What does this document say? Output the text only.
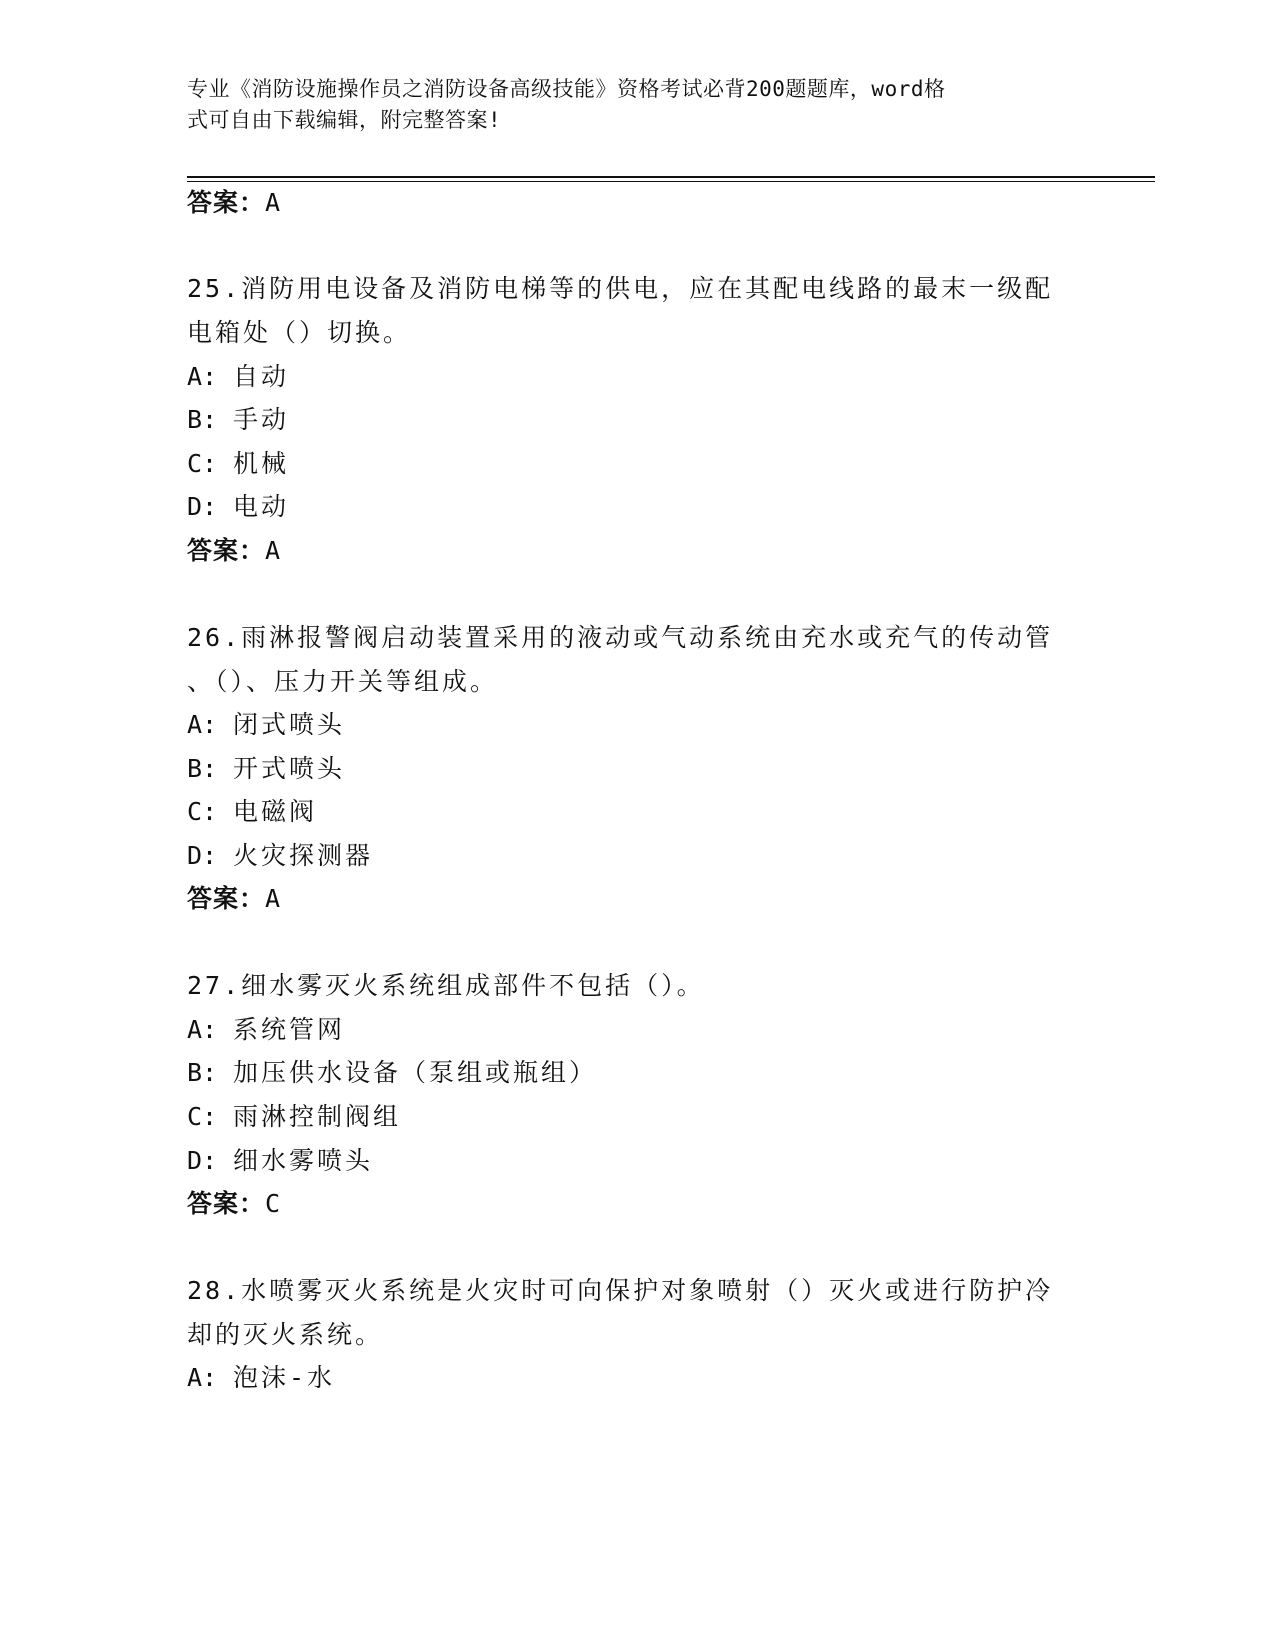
专业《消防设施操作员之消防设备高级技能》资格考试必背200题题库，word格
式可自由下载编辑，附完整答案!
答案：A
25.消防用电设备及消防电梯等的供电，应在其配电线路的最末一级配
电箱处（）切换。
A: 自动
B: 手动
C: 机械
D: 电动
答案：A
26.雨淋报警阀启动装置采用的液动或气动系统由充水或充气的传动管
、（）、压力开关等组成。
A: 闭式喷头
B: 开式喷头
C: 电磁阀
D: 火灾探测器
答案：A
27.细水雾灭火系统组成部件不包括（）。
A: 系统管网
B: 加压供水设备（泵组或瓶组）
C: 雨淋控制阀组
D: 细水雾喷头
答案：C
28.水喷雾灭火系统是火灾时可向保护对象喷射（）灭火或进行防护冷
却的灭火系统。
A: 泡沫-水
